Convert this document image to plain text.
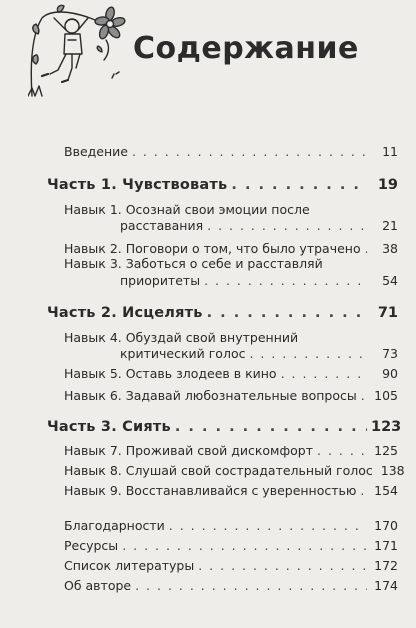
Содержание
Введение . . .	11
Часть 1. Чувствовать . . .	19
Навык 1. Осознай свои эмоции после
расставания . . .	21
Навык 2. Поговори о том, что было утрачено . . .	38
Навык 3. Заботься о себе и расставляй
приоритеты . . .	54
Часть 2. Исцелять . . .	71
Навык 4. Обуздай свой внутренний
критический голос . . .	73
Навык 5. Оставь злодеев в кино . . .	90
Навык 6. Задавай любознательные вопросы . . . 105
Часть 3. Сиять . . .	123
Навык 7. Проживай свой дискомфорт . . .	125
Навык 8. Слушай свой сострадательный голос 138
Навык 9. Восстанавливайся с уверенностью . . . 154
Благодарности . . .	170
Ресурсы . . .	171
Список литературы . . .	172
Об авторе . . .	174
